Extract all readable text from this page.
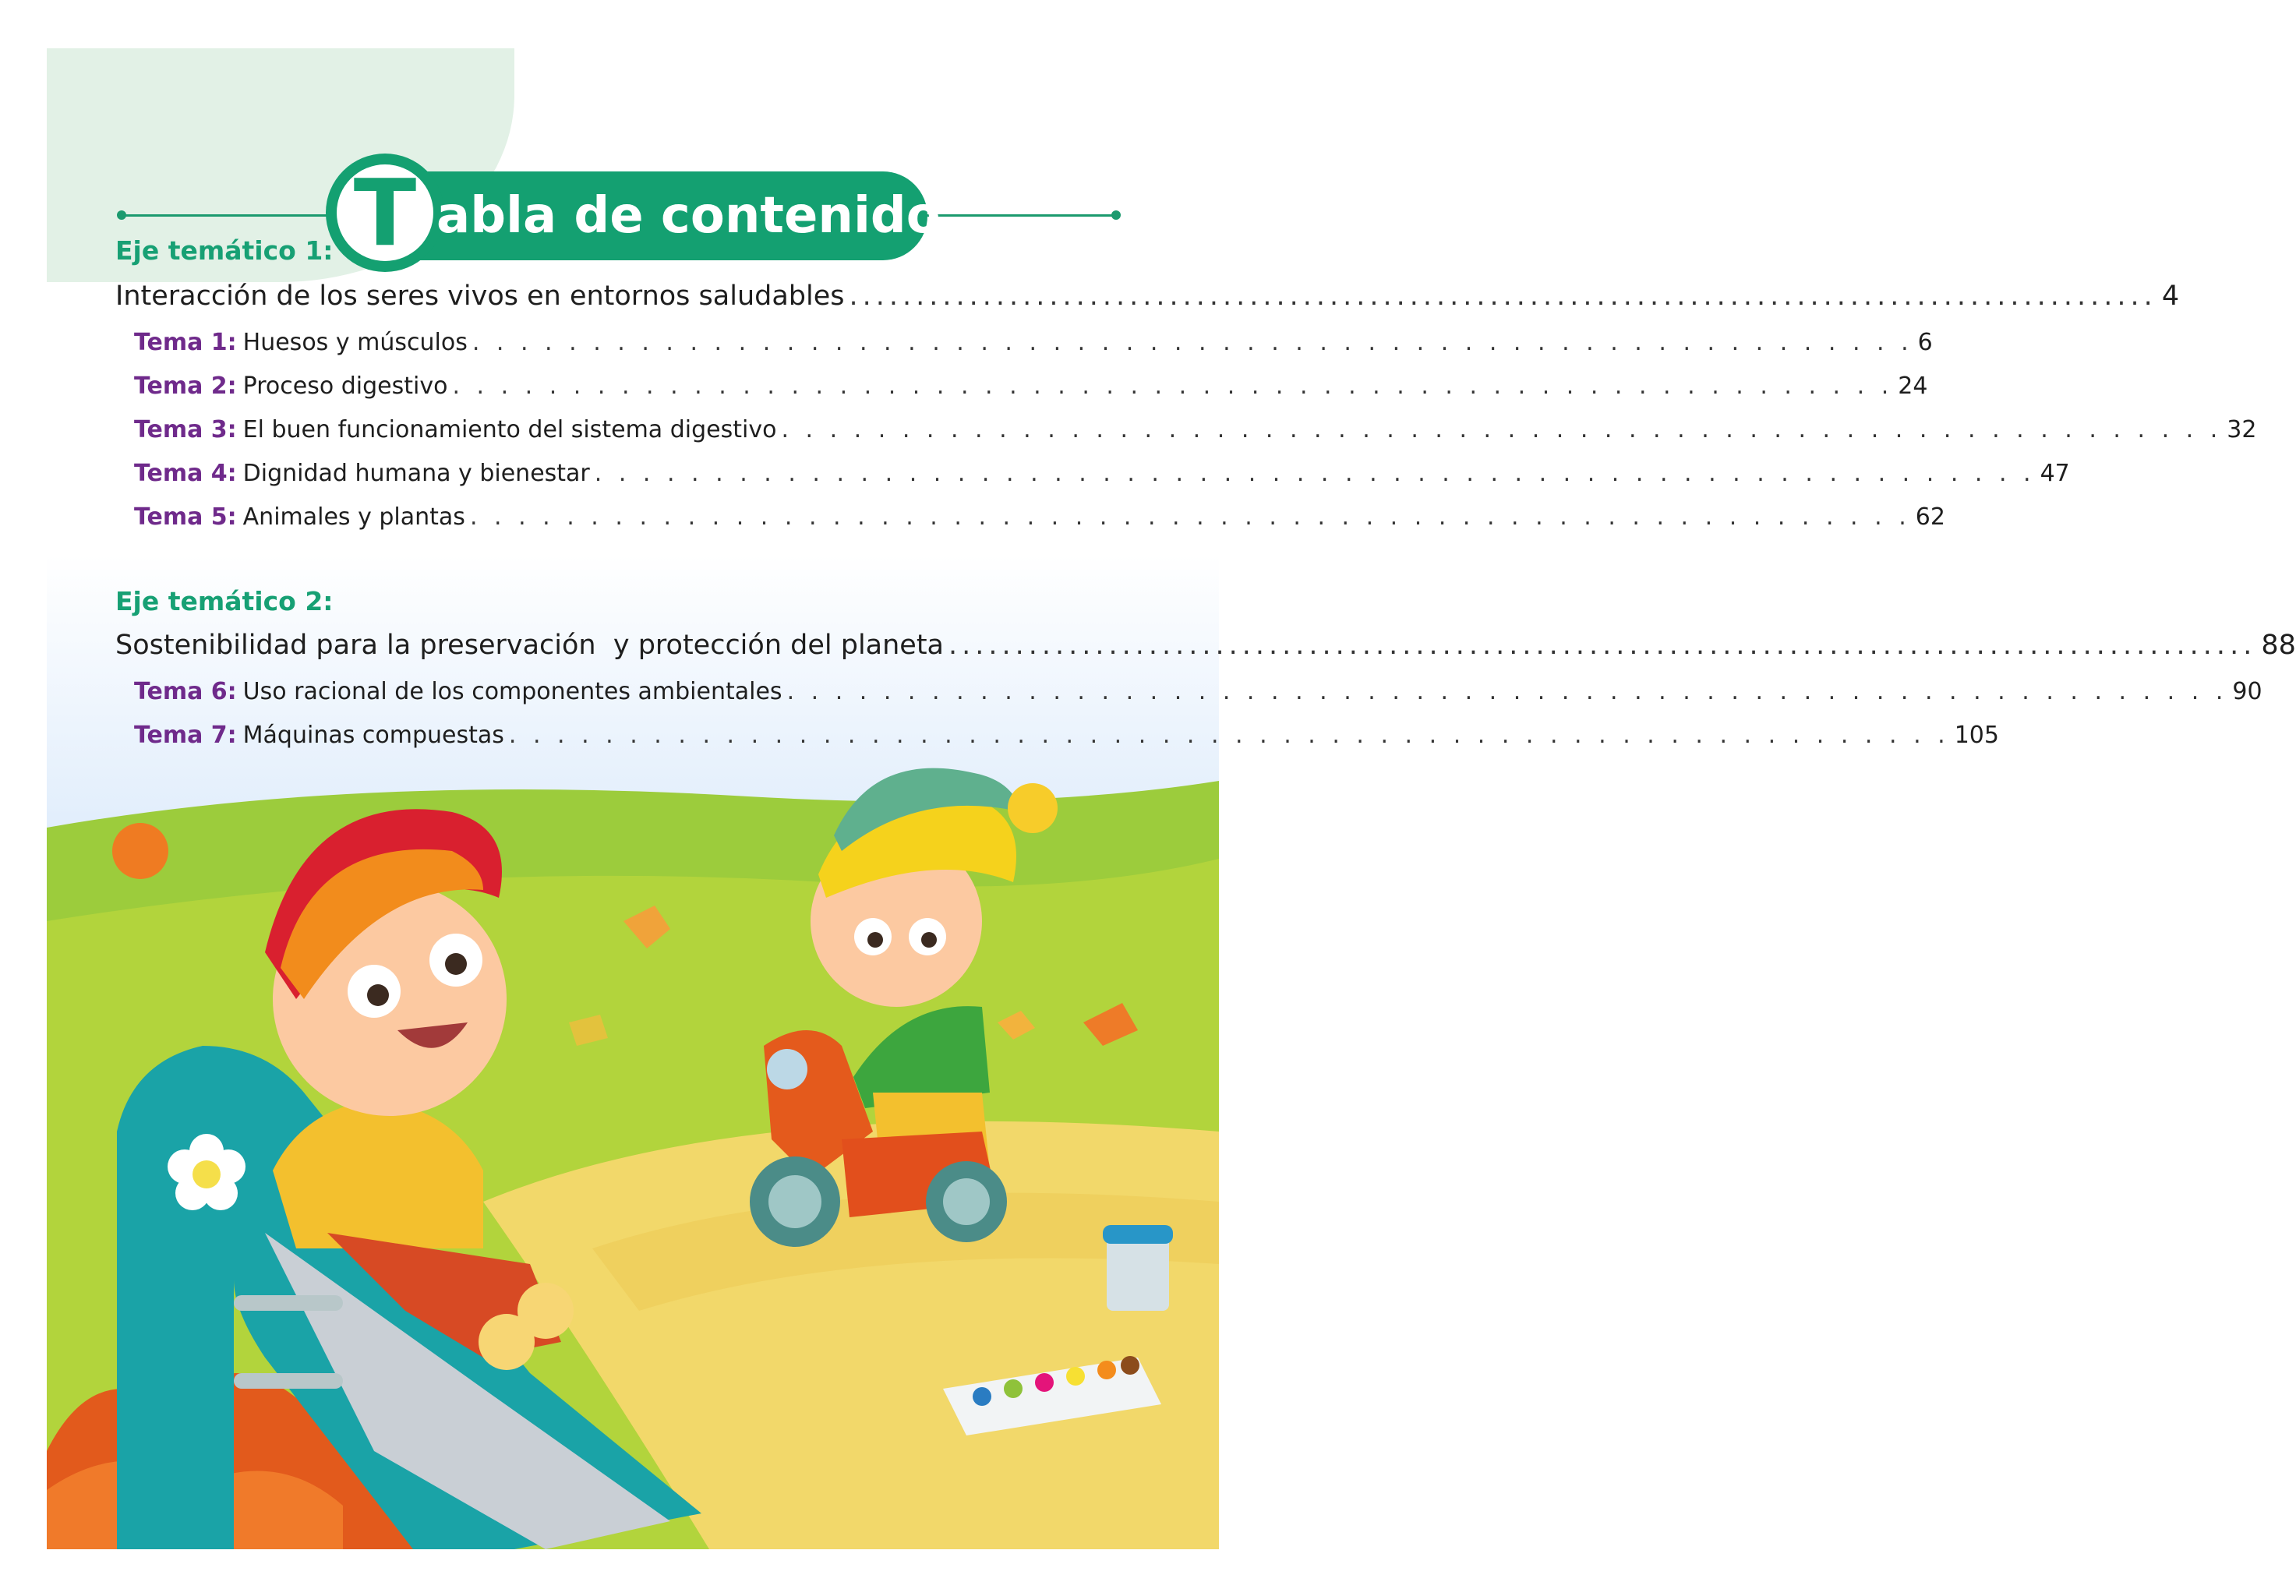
T abla de contenido
Eje temático 1:
Interacción de los seres vivos en entornos saludables .................................................................................................. 4
Tema 1: Huesos y músculos . . . . . . . . . . . . . . . . . . . . . . . . . . . . . . . . . . . . . . . . . . . . . . . . . . . . . . . . . . . . 6
Tema 2: Proceso digestivo . . . . . . . . . . . . . . . . . . . . . . . . . . . . . . . . . . . . . . . . . . . . . . . . . . . . . . . . . . . . 24
Tema 3: El buen funcionamiento del sistema digestivo . . . . . . . . . . . . . . . . . . . . . . . . . . . . . . . . . . . . . . . . . . . . . . . . . . . . . . . . . . . . 32
Tema 4: Dignidad humana y bienestar . . . . . . . . . . . . . . . . . . . . . . . . . . . . . . . . . . . . . . . . . . . . . . . . . . . . . . . . . . . . 47
Tema 5: Animales y plantas . . . . . . . . . . . . . . . . . . . . . . . . . . . . . . . . . . . . . . . . . . . . . . . . . . . . . . . . . . . . 62
Eje temático 2:
Sostenibilidad para la preservación  y protección del planeta .................................................................................................. 88
Tema 6: Uso racional de los componentes ambientales . . . . . . . . . . . . . . . . . . . . . . . . . . . . . . . . . . . . . . . . . . . . . . . . . . . . . . . . . . . . 90
Tema 7: Máquinas compuestas . . . . . . . . . . . . . . . . . . . . . . . . . . . . . . . . . . . . . . . . . . . . . . . . . . . . . . . . . . . . 105
